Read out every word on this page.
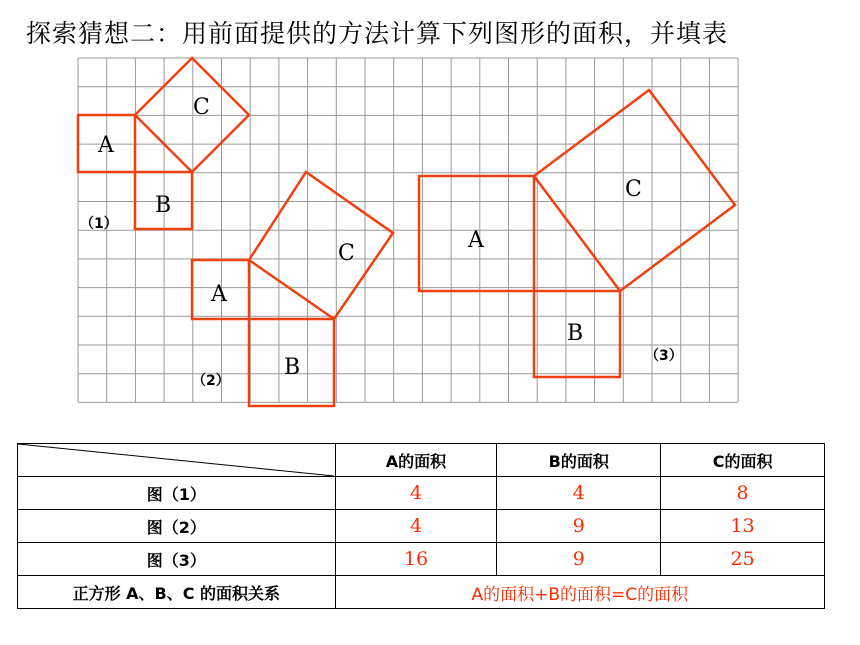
探索猜想二：用前面提供的方法计算下列图形的面积，并填表
A
B
C
（1）
A
B
C
（2）
A
B
C
（3）
	A的面积	B的面积	C的面积
图（1）	4	4	8
图（2）	4	9	13
图（3）	16	9	25
正方形 A、B、C 的面积关系	A的面积+B的面积=C的面积		
